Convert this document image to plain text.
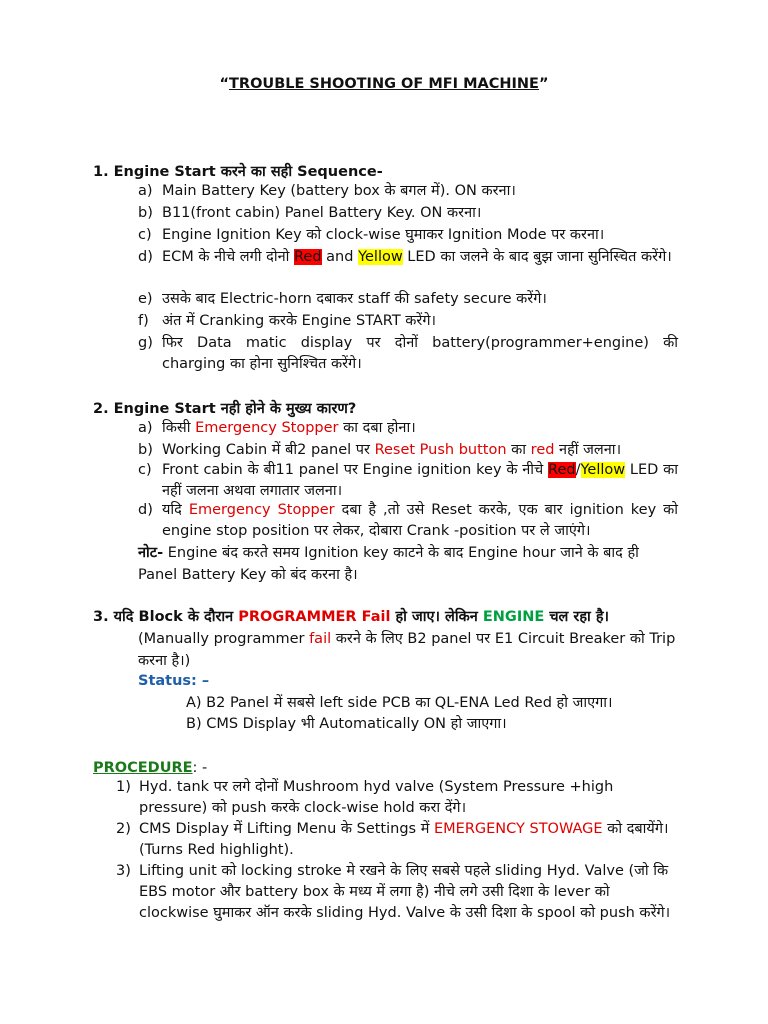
“TROUBLE SHOOTING OF MFI MACHINE”
1. Engine Start करने का सही Sequence-
a) Main Battery Key (battery box के बगल में). ON करना।
b) B11(front cabin) Panel Battery Key. ON करना।
c) Engine Ignition Key को clock-wise घुमाकर Ignition Mode पर करना।
d) ECM के नीचे लगी दोनो Red and Yellow LED का जलने के बाद बुझ जाना सुनिस्चित करेंगे।
e) उसके बाद Electric-horn दबाकर staff की safety secure करेंगे।
f) अंत में Cranking करके Engine START करेंगे।
g) फिर Data matic display पर दोनों battery(programmer+engine) की charging का होना सुनिश्चित करेंगे।
2. Engine Start नही होने के मुख्य कारण?
a) किसी Emergency Stopper का दबा होना।
b) Working Cabin में बी2 panel पर Reset Push button का red नहीं जलना।
c) Front cabin के बी11 panel पर Engine ignition key के नीचे Red/Yellow LED का नहीं जलना अथवा लगातार जलना।
d) यदि Emergency Stopper दबा है ,तो उसे Reset करके, एक बार ignition key को engine stop position पर लेकर, दोबारा Crank -position पर ले जाएंगे।
नोट- Engine बंद करते समय Ignition key काटने के बाद Engine hour जाने के बाद ही Panel Battery Key को बंद करना है।
3. यदि Block के दौरान PROGRAMMER Fail हो जाए। लेकिन ENGINE चल रहा है।
(Manually programmer fail करने के लिए B2 panel पर E1 Circuit Breaker को Trip करना है।)
Status: –
A) B2 Panel में सबसे left side PCB का QL-ENA Led Red हो जाएगा।
B) CMS Display भी Automatically ON हो जाएगा।
PROCEDURE: -
1) Hyd. tank पर लगे दोनों Mushroom hyd valve (System Pressure +high pressure) को push करके clock-wise hold करा देंगे।
2) CMS Display में Lifting Menu के Settings में EMERGENCY STOWAGE को दबायेंगे। (Turns Red highlight).
3) Lifting unit को locking stroke मे रखने के लिए सबसे पहले sliding Hyd. Valve (जो कि EBS motor और battery box के मध्य में लगा है) नीचे लगे उसी दिशा के lever को clockwise घुमाकर ऑन करके sliding Hyd. Valve के उसी दिशा के spool को push करेंगे।
